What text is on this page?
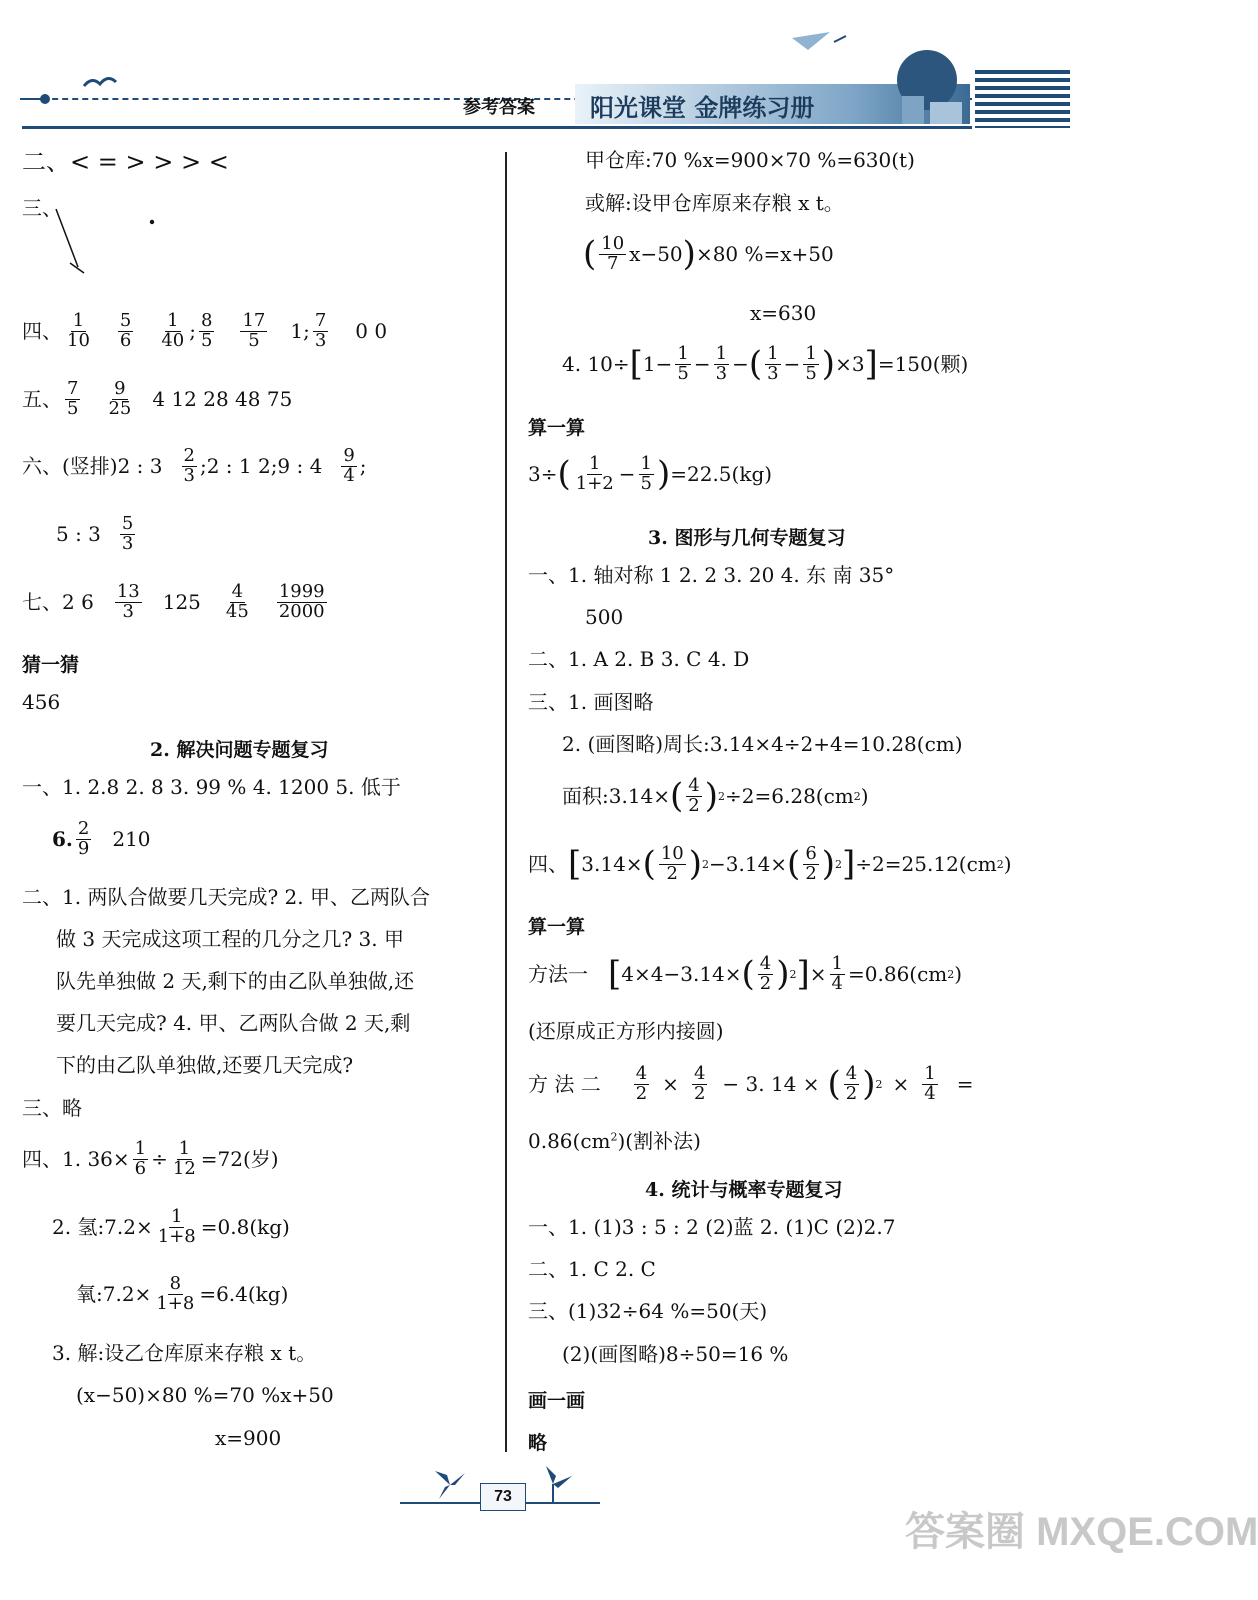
参考答案 阳光课堂 金牌练习册
二、< = > > > <
三、
四、 $\frac{1}{10} \frac{5}{6} \frac{1}{40}$ ; $\frac{8}{5} \frac{17}{5} 1$; $\frac{7}{3} 0$ 0
五、 $\frac{7}{5} \frac{9}{25} 4$ 12 28 48 75
六、(竖排)2 : $3 \frac{2}{3}$ ;2 : 1 2;9 : $4 \frac{9}{4}$ ;
5 : $3 \frac{5}{3}$
七、2 $6 \frac{13}{3} 125 \frac{4}{45} \frac{1999}{2000}$
猜一猜
456
2. 解决问题专题复习
一、1. 2.8 2. 8 3. 99 % 4. 1200 5. 低于
6. $\frac{2}{9} 210$
二、1. 两队合做要几天完成? 2. 甲、乙两队合
做 3 天完成这项工程的几分之几? 3. 甲
队先单独做 2 天,剩下的由乙队单独做,还
要几天完成? 4. 甲、乙两队合做 2 天,剩
下的由乙队单独做,还要几天完成?
三、略
四、1. $36\times \frac{1}{6} \div \frac{1}{12} =72$(岁)
2. 氢:7.2× $\frac{1}{1+8} =0.8(kg)$
氧:7.2× $\frac{8}{1+8} =6.4(kg)$
3. 解:设乙仓库原来存粮 x t。
(x−50)×80 %=70 %x+50
x=900
甲仓库:70 %x=900×70 %=630(t)
或解:设甲仓库原来存粮 x t。
( $\frac{10}{7} x-50$ ) ×80 %=x+50
x=630
4. 10÷ [ $1 - \frac{1}{5} - \frac{1}{3}$ − ( $\frac{1}{3} - \frac{1}{5}$ ) ×3 ] =150(颗)
算一算
3÷ ( $\frac{1}{1+2} - \frac{1}{5}$ ) =22.5(kg)
3. 图形与几何专题复习
一、1. 轴对称 1 2. 2 3. 20 4. 东 南 35°
500
二、1. A 2. B 3. C 4. D
三、1. 画图略
2. (画图略)周长:3.14×4÷2+4=10.28(cm)
面积:3.14× ( $\frac{4}{2}$ ) 2 ÷2=6.28(cm 2 )
四、 [ 3.14× ( $\frac{10}{2}$ ) 2 −3.14× ( $\frac{6}{2}$ ) 2 ] ÷2=25.12(cm 2 )
算一算
方法一 [ 4×4−3.14× ( $\frac{4}{2}$ ) 2 ] × $\frac{1}{4} =0.86(cm$ 2 )
(还原成正方形内接圆)
方 法 二 $\frac{4}{2} \times \frac{4}{2} - 3$. 14 × ( $\frac{4}{2}$ ) $2 \times \frac{1}{4}$ =
$0.86(cm^2)$(割补法)
4. 统计与概率专题复习
一、1. (1)3 : 5 : 2 (2)蓝 2. (1)C (2)2.7
二、1. C 2. C
三、(1)32÷64 %=50(天)
(2)(画图略)8÷50=16 %
画一画
略
73
答案圈 MXQE.COM
